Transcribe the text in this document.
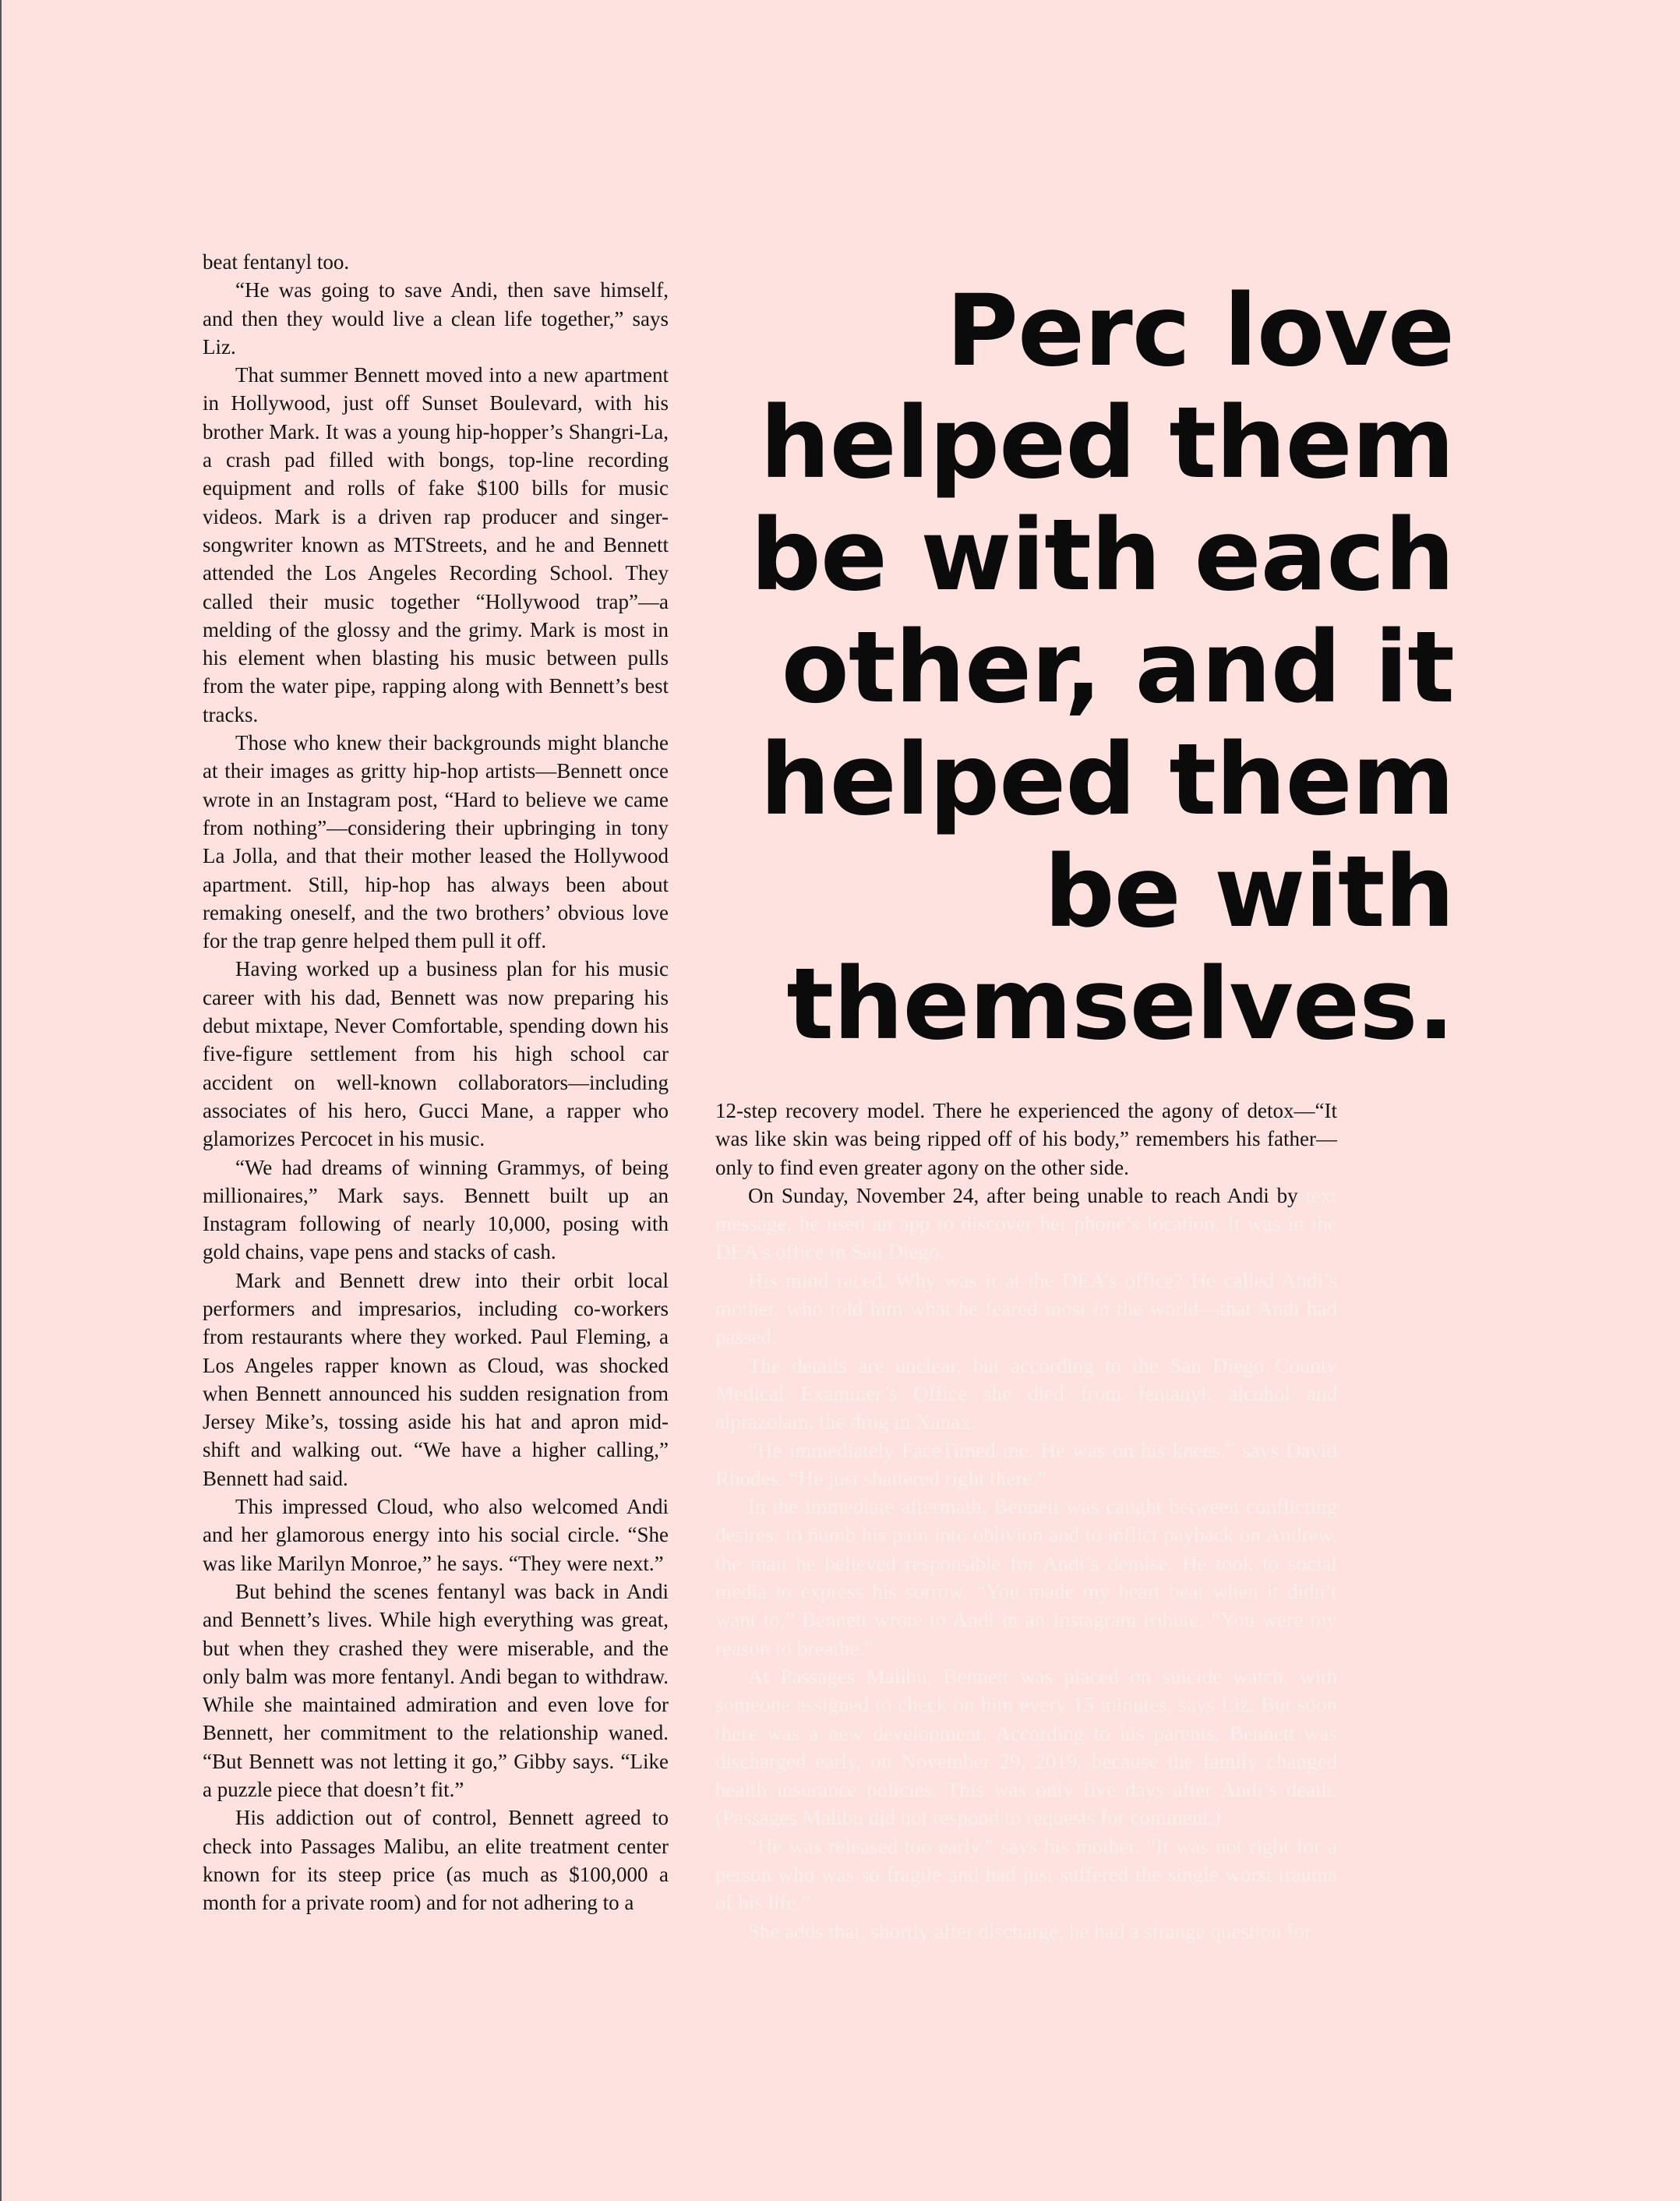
beat fentanyl too.

“He was going to save Andi, then save himself, and then they would live a clean life together,” says Liz.

That summer Bennett moved into a new apartment in Hollywood, just off Sunset Boulevard, with his brother Mark. It was a young hip-hopper’s Shangri-La, a crash pad filled with bongs, top-line recording equipment and rolls of fake $100 bills for music videos. Mark is a driven rap producer and singer-songwriter known as MTStreets, and he and Bennett attended the Los Angeles Recording School. They called their music together “Hollywood trap”—a melding of the glossy and the grimy. Mark is most in his element when blasting his music between pulls from the water pipe, rapping along with Bennett’s best tracks.

Those who knew their backgrounds might blanche at their images as gritty hip-hop artists—Bennett once wrote in an Instagram post, “Hard to believe we came from nothing”—considering their upbringing in tony La Jolla, and that their mother leased the Hollywood apartment. Still, hip-hop has always been about remaking oneself, and the two brothers’ obvious love for the trap genre helped them pull it off.

Having worked up a business plan for his music career with his dad, Bennett was now preparing his debut mixtape, Never Comfortable, spending down his five-figure settlement from his high school car accident on well-known collaborators—including associates of his hero, Gucci Mane, a rapper who glamorizes Percocet in his music.

“We had dreams of winning Grammys, of being millionaires,” Mark says. Bennett built up an Instagram following of nearly 10,000, posing with gold chains, vape pens and stacks of cash.

Mark and Bennett drew into their orbit local performers and impresarios, including co-workers from restaurants where they worked. Paul Fleming, a Los Angeles rapper known as Cloud, was shocked when Bennett announced his sudden resignation from Jersey Mike’s, tossing aside his hat and apron mid-shift and walking out. “We have a higher calling,” Bennett had said.

This impressed Cloud, who also welcomed Andi and her glamorous energy into his social circle. “She was like Marilyn Monroe,” he says. “They were next.”

But behind the scenes fentanyl was back in Andi and Bennett’s lives. While high everything was great, but when they crashed they were miserable, and the only balm was more fentanyl. Andi began to withdraw. While she maintained admiration and even love for Bennett, her commitment to the relationship waned. “But Bennett was not letting it go,” Gibby says. “Like a puzzle piece that doesn’t fit.”

His addiction out of control, Bennett agreed to check into Passages Malibu, an elite treatment center known for its steep price (as much as $100,000 a month for a private room) and for not adhering to a

Perc love helped them be with each other, and it helped them be with themselves.

12-step recovery model. There he experienced the agony of detox—“It was like skin was being ripped off of his body,” remembers his father—only to find even greater agony on the other side.

On Sunday, November 24, after being unable to reach Andi by text message, he used an app to discover her phone’s location. It was in the DEA’s office in San Diego.

His mind raced. Why was it at the DEA’s office? He called Andi’s mother, who told him what he feared most in the world—that Andi had passed.

The details are unclear, but according to the San Diego County Medical Examiner’s Office she died from fentanyl, alcohol and alprazolam, the drug in Xanax.

“He immediately FaceTimed me. He was on his knees,” says David Rhodes. “He just shattered right there.”

In the immediate aftermath, Bennett was caught between conflicting desires: to numb his pain into oblivion and to inflict payback on Andrew, the man he believed responsible for Andi’s demise. He took to social media to express his sorrow. “You made my heart beat when it didn’t want to,” Bennett wrote to Andi in an Instagram tribute. “You were my reason to breathe.”

At Passages Malibu, Bennett was placed on suicide watch, with someone assigned to check on him every 15 minutes, says Liz. But soon there was a new development. According to his parents, Bennett was discharged early, on November 29, 2019, because the family changed health insurance policies. This was only five days after Andi’s death. (Passages Malibu did not respond to requests for comment.)

“He was released too early,” says his mother. “It was not right for a person who was so fragile and had just suffered the single worst trauma of his life.”

She adds that, shortly after discharge, he had a strange question for
